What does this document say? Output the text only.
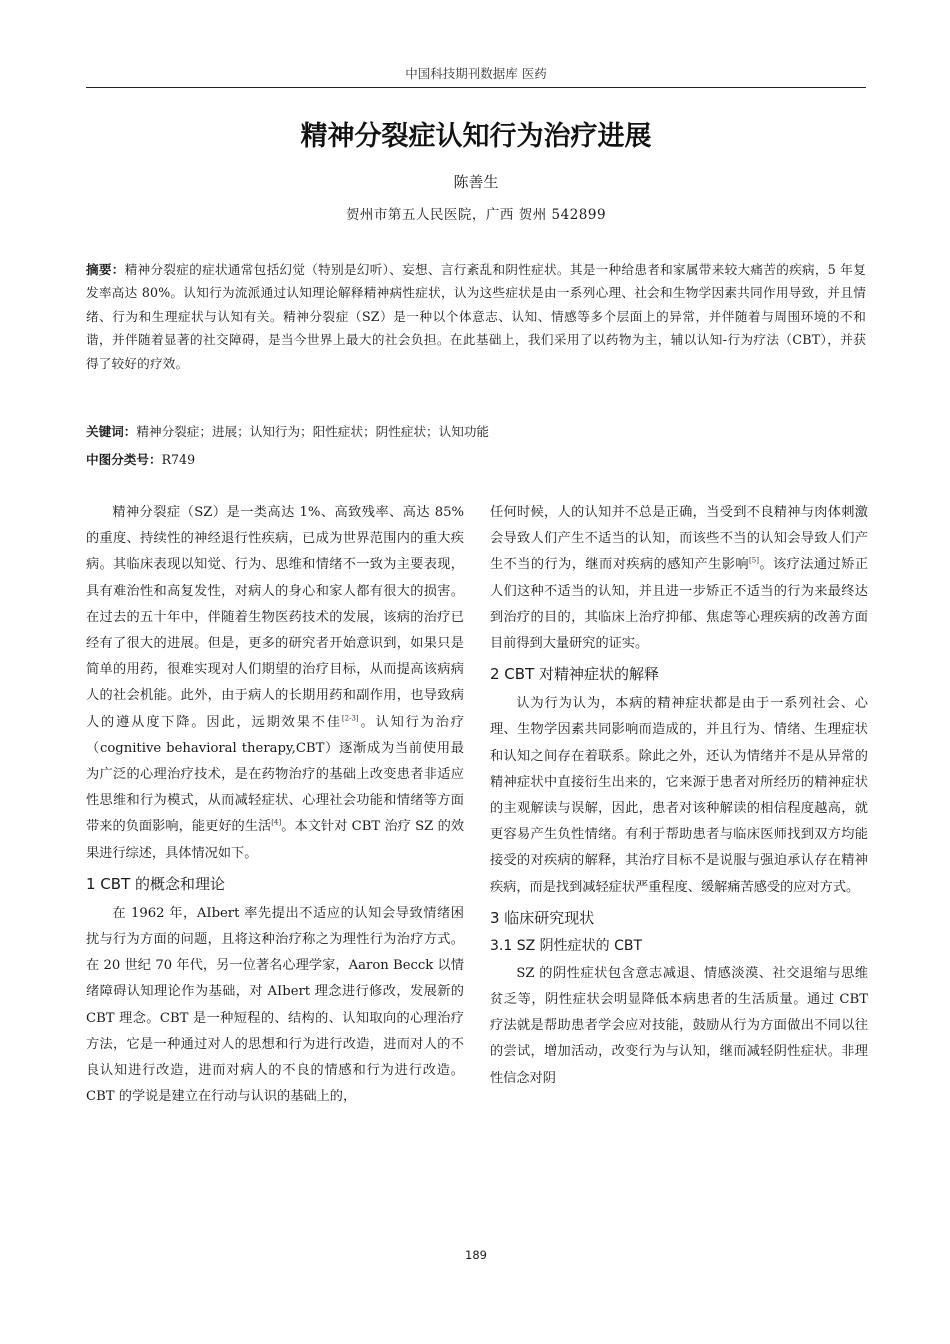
中国科技期刊数据库 医药
精神分裂症认知行为治疗进展
陈善生
贺州市第五人民医院，广西 贺州 542899
摘要：精神分裂症的症状通常包括幻觉（特别是幻听）、妄想、言行紊乱和阴性症状。其是一种给患者和家属带来较大痛苦的疾病，5 年复发率高达 80%。认知行为流派通过认知理论解释精神病性症状，认为这些症状是由一系列心理、社会和生物学因素共同作用导致，并且情绪、行为和生理症状与认知有关。精神分裂症（SZ）是一种以个体意志、认知、情感等多个层面上的异常，并伴随着与周围环境的不和谐，并伴随着显著的社交障碍，是当今世界上最大的社会负担。在此基础上，我们采用了以药物为主，辅以认知-行为疗法（CBT），并获得了较好的疗效。
关键词：精神分裂症；进展；认知行为；阳性症状；阴性症状；认知功能
中图分类号：R749

精神分裂症（SZ）是一类高达 1%、高致残率、高达 85%的重度、持续性的神经退行性疾病，已成为世界范围内的重大疾病。其临床表现以知觉、行为、思维和情绪不一致为主要表现，具有难治性和高复发性，对病人的身心和家人都有很大的损害。在过去的五十年中，伴随着生物医药技术的发展，该病的治疗已经有了很大的进展。但是，更多的研究者开始意识到，如果只是简单的用药，很难实现对人们期望的治疗目标，从而提高该病病人的社会机能。此外，由于病人的长期用药和副作用，也导致病人的遵从度下降。因此，远期效果不佳[2-3]。认知行为治疗（cognitive behavioral therapy,CBT）逐渐成为当前使用最为广泛的心理治疗技术，是在药物治疗的基础上改变患者非适应性思维和行为模式，从而减轻症状、心理社会功能和情绪等方面带来的负面影响，能更好的生活[4]。本文针对 CBT 治疗 SZ 的效果进行综述，具体情况如下。

1 CBT 的概念和理论

在 1962 年，AIbert 率先提出不适应的认知会导致情绪困扰与行为方面的问题，且将这种治疗称之为理性行为治疗方式。在 20 世纪 70 年代，另一位著名心理学家，Aaron Becck 以情绪障碍认知理论作为基础，对 AIbert 理念进行修改，发展新的 CBT 理念。CBT 是一种短程的、结构的、认知取向的心理治疗方法，它是一种通过对人的思想和行为进行改造，进而对人的不良认知进行改造，进而对病人的不良的情感和行为进行改造。CBT 的学说是建立在行动与认识的基础上的，

任何时候，人的认知并不总是正确，当受到不良精神与肉体刺激会导致人们产生不适当的认知，而该些不当的认知会导致人们产生不当的行为，继而对疾病的感知产生影响[5]。该疗法通过矫正人们这种不适当的认知，并且进一步矫正不适当的行为来最终达到治疗的目的，其临床上治疗抑郁、焦虑等心理疾病的改善方面目前得到大量研究的证实。

2 CBT 对精神症状的解释

认为行为认为，本病的精神症状都是由于一系列社会、心理、生物学因素共同影响而造成的，并且行为、情绪、生理症状和认知之间存在着联系。除此之外，还认为情绪并不是从异常的精神症状中直接衍生出来的，它来源于患者对所经历的精神症状的主观解读与误解，因此，患者对该种解读的相信程度越高，就更容易产生负性情绪。有利于帮助患者与临床医师找到双方均能接受的对疾病的解释，其治疗目标不是说服与强迫承认存在精神疾病，而是找到减轻症状严重程度、缓解痛苦感受的应对方式。

3 临床研究现状
3.1 SZ 阴性症状的 CBT

SZ 的阴性症状包含意志减退、情感淡漠、社交退缩与思维贫乏等，阴性症状会明显降低本病患者的生活质量。通过 CBT 疗法就是帮助患者学会应对技能，鼓励从行为方面做出不同以往的尝试，增加活动，改变行为与认知，继而减轻阴性症状。非理性信念对阴

189
